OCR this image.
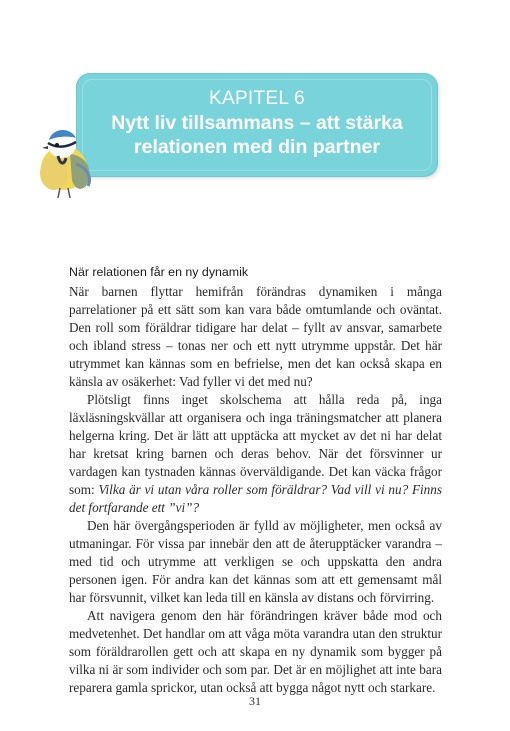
KAPITEL 6
Nytt liv tillsammans – att stärka
relationen med din partner
När relationen får en ny dynamik

När barnen flyttar hemifrån förändras dynamiken i många parrelationer på ett sätt som kan vara både omtumlande och oväntat. Den roll som föräldrar tidigare har delat – fyllt av ansvar, samarbete och ibland stress – tonas ner och ett nytt utrymme uppstår. Det här utrymmet kan kännas som en befrielse, men det kan också skapa en känsla av osäkerhet: Vad fyller vi det med nu?

Plötsligt finns inget skolschema att hålla reda på, inga läxläsningskvällar att organisera och inga träningsmatcher att planera helgerna kring. Det är lätt att upptäcka att mycket av det ni har delat har kretsat kring barnen och deras behov. När det försvinner ur vardagen kan tystnaden kännas överväldigande. Det kan väcka frågor som: Vilka är vi utan våra roller som föräldrar? Vad vill vi nu? Finns det fortfarande ett ”vi”?

Den här övergångsperioden är fylld av möjligheter, men också av utmaningar. För vissa par innebär den att de återupptäcker varandra – med tid och utrymme att verkligen se och uppskatta den andra personen igen. För andra kan det kännas som att ett gemensamt mål har försvunnit, vilket kan leda till en känsla av distans och förvirring.

Att navigera genom den här förändringen kräver både mod och medvetenhet. Det handlar om att våga möta varandra utan den struktur som föräldrarollen gett och att skapa en ny dynamik som bygger på vilka ni är som individer och som par. Det är en möjlighet att inte bara reparera gamla sprickor, utan också att bygga något nytt och starkare.

31
